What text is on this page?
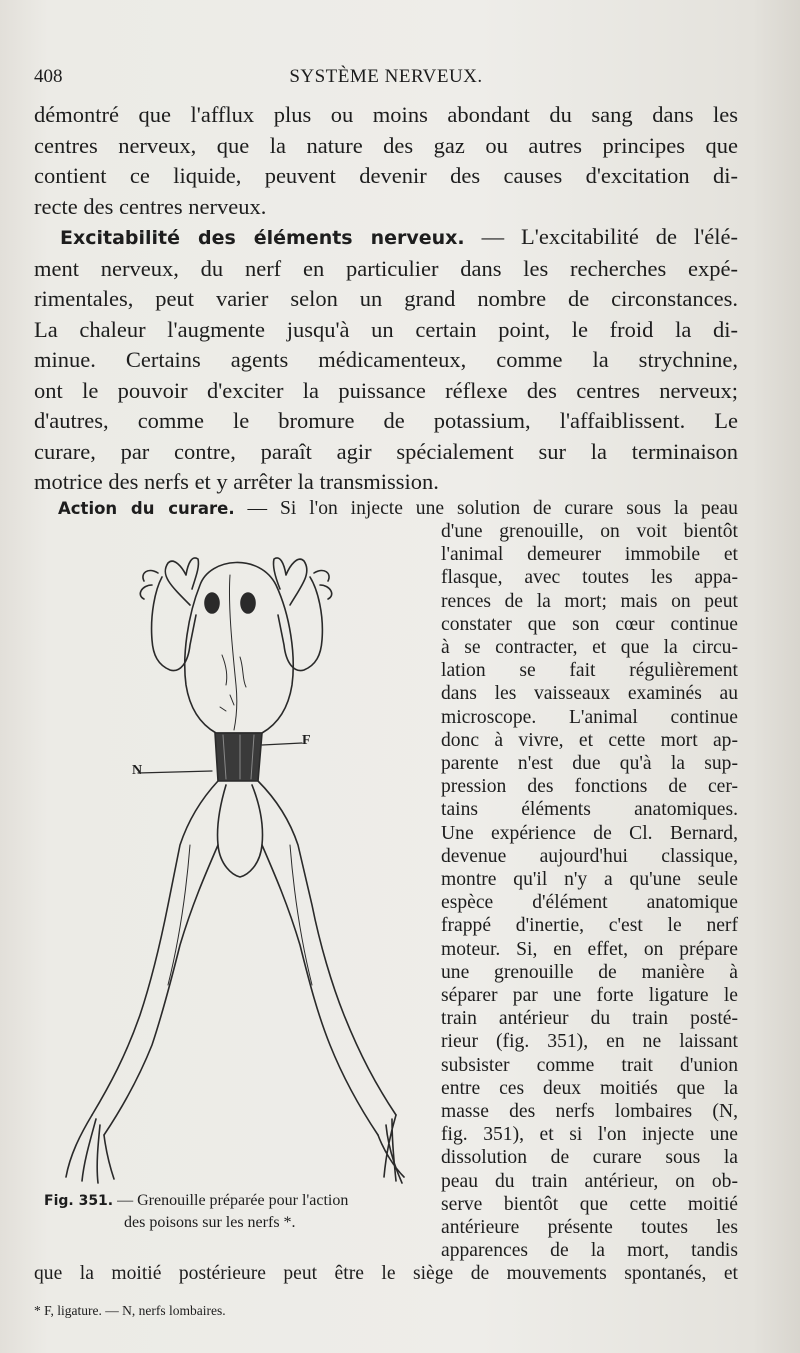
408	SYSTÈME NERVEUX.
démontré que l'afflux plus ou moins abondant du sang dans les
centres nerveux, que la nature des gaz ou autres principes que
contient ce liquide, peuvent devenir des causes d'excitation di-
recte des centres nerveux.
Excitabilité des éléments nerveux. — L'excitabilité de l'élé-
ment nerveux, du nerf en particulier dans les recherches expé-
rimentales, peut varier selon un grand nombre de circonstances.
La chaleur l'augmente jusqu'à un certain point, le froid la di-
minue. Certains agents médicamenteux, comme la strychnine,
ont le pouvoir d'exciter la puissance réflexe des centres nerveux;
d'autres, comme le bromure de potassium, l'affaiblissent. Le
curare, par contre, paraît agir spécialement sur la terminaison
motrice des nerfs et y arrêter la transmission.
Action du curare. — Si l'on injecte une solution de curare sous la peau
d'une grenouille, on voit bientôt
l'animal demeurer immobile et
flasque, avec toutes les appa-
rences de la mort; mais on peut
constater que son cœur continue
à se contracter, et que la circu-
lation se fait régulièrement
dans les vaisseaux examinés au
microscope. L'animal continue
donc à vivre, et cette mort ap-
parente n'est due qu'à la sup-
pression des fonctions de cer-
tains éléments anatomiques.
Une expérience de Cl. Bernard,
devenue aujourd'hui classique,
montre qu'il n'y a qu'une seule
espèce d'élément anatomique
frappé d'inertie, c'est le nerf
moteur. Si, en effet, on prépare
une grenouille de manière à
séparer par une forte ligature le
train antérieur du train posté-
rieur (fig. 351), en ne laissant
subsister comme trait d'union
entre ces deux moitiés que la
masse des nerfs lombaires (N,
fig. 351), et si l'on injecte une
dissolution de curare sous la
peau du train antérieur, on ob-
serve bientôt que cette moitié
antérieure présente toutes les
apparences de la mort, tandis
F
N
Fig. 351. — Grenouille préparée pour l'action
des poisons sur les nerfs *.
que la moitié postérieure peut être le siège de mouvements spontanés, et
* F, ligature. — N, nerfs lombaires.
